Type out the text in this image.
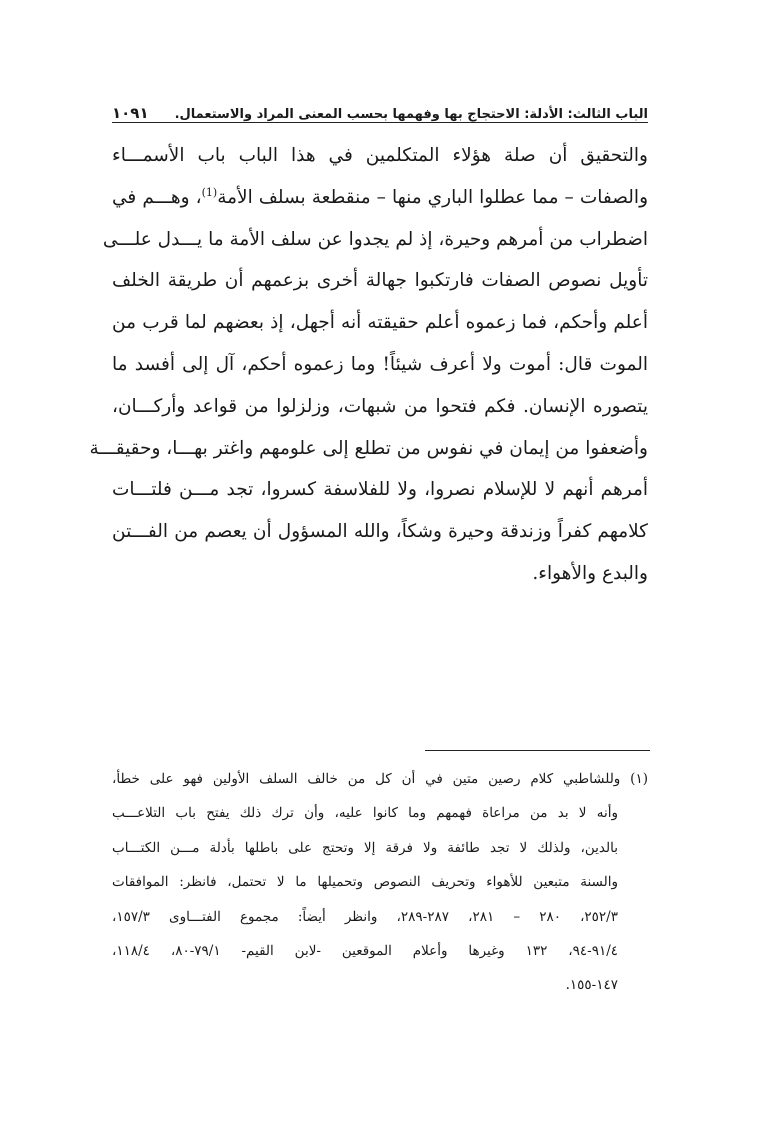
الباب الثالث: الأدلة: الاحتجاج بها وفهمها بحسب المعنى المراد والاستعمال.
١٠٩١
والتحقيق أن صلة هؤلاء المتكلمين في هذا الباب باب الأسمـــاء
والصفات – مما عطلوا الباري منها – منقطعة بسلف الأمة$^{(1)}$، وهـــم في
اضطراب من أمرهم وحيرة، إذ لم يجدوا عن سلف الأمة ما يـــدل علـــى
تأويل نصوص الصفات فارتكبوا جهالة أخرى بزعمهم أن طريقة الخلف
أعلم وأحكم، فما زعموه أعلم حقيقته أنه أجهل، إذ بعضهم لما قرب من
الموت قال: أموت ولا أعرف شيئاً! وما زعموه أحكم، آل إلى أفسد ما
يتصوره الإنسان. فكم فتحوا من شبهات، وزلزلوا من قواعد وأركـــان،
وأضعفوا من إيمان في نفوس من تطلع إلى علومهم واغتر بهـــا، وحقيقـــة
أمرهم أنهم لا للإسلام نصروا، ولا للفلاسفة كسروا، تجد مـــن فلتـــات
كلامهم كفراً وزندقة وحيرة وشكاً، والله المسؤول أن يعصم من الفـــتن
والبدع والأهواء.
(١) وللشاطبي كلام رصين متين في أن كل من خالف السلف الأولين فهو على خطأ،
وأنه لا بد من مراعاة فهمهم وما كانوا عليه، وأن ترك ذلك يفتح باب التلاعـــب
بالدين، ولذلك لا تجد طائفة ولا فرقة إلا وتحتج على باطلها بأدلة مـــن الكتـــاب
والسنة متبعين للأهواء وتحريف النصوص وتحميلها ما لا تحتمل، فانظر: الموافقات
٢٥٢/٣، ٢٨٠ – ٢٨١، ٢٨٧-٢٨٩، وانظر أيضاً: مجموع الفتـــاوى ١٥٧/٣،
٩١/٤-٩٤، ١٣٢ وغيرها وأعلام الموقعين -لابن القيم- ٧٩/١-٨٠، ١١٨/٤،
١٤٧-١٥٥.
